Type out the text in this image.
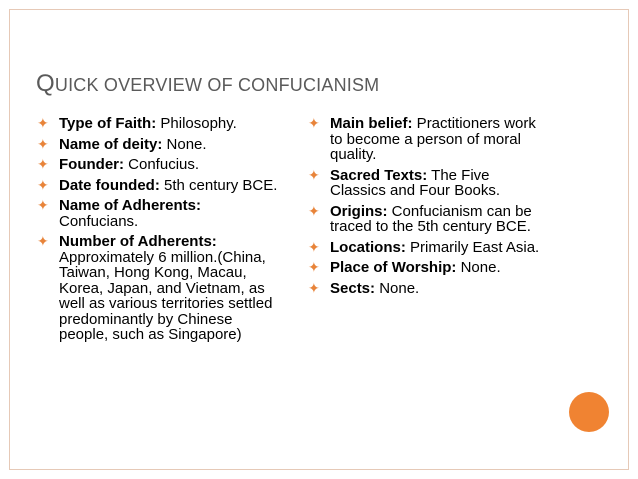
QUICK OVERVIEW OF CONFUCIANISM
✦ Type of Faith: Philosophy.
✦ Name of deity: None.
✦ Founder: Confucius.
✦ Date founded: 5th century BCE.
✦ Name of Adherents: Confucians.
✦ Number of Adherents: Approximately 6 million.(China, Taiwan, Hong Kong, Macau, Korea, Japan, and Vietnam, as well as various territories settled predominantly by Chinese people, such as Singapore)
✦ Main belief: Practitioners work to become a person of moral quality.
✦ Sacred Texts: The Five Classics and Four Books.
✦ Origins: Confucianism can be traced to the 5th century BCE.
✦ Locations: Primarily East Asia.
✦ Place of Worship: None.
✦ Sects: None.
